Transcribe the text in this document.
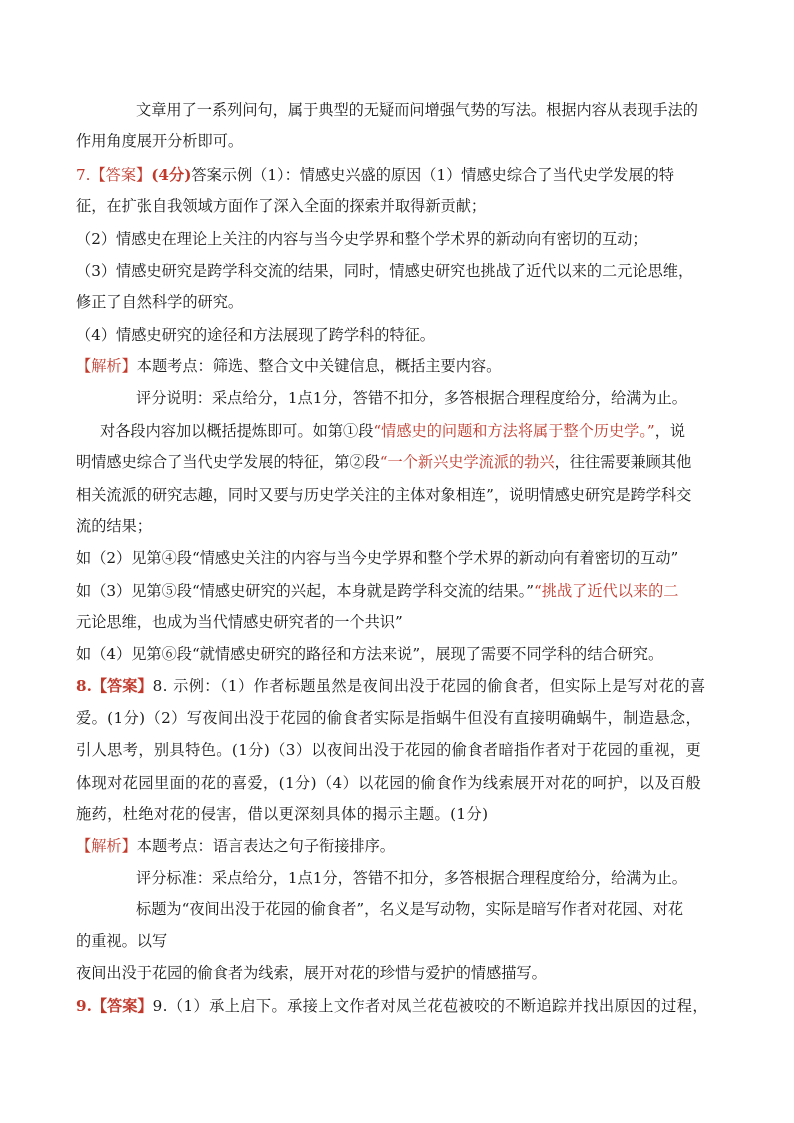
文章用了一系列问句，属于典型的无疑而问增强气势的写法。根据内容从表现手法的
作用角度展开分析即可。
7.【答案】(4分)答案示例（1）：情感史兴盛的原因（1）情感史综合了当代史学发展的特
征，在扩张自我领域方面作了深入全面的探索并取得新贡献；
（2）情感史在理论上关注的内容与当今史学界和整个学术界的新动向有密切的互动；
（3）情感史研究是跨学科交流的结果，同时，情感史研究也挑战了近代以来的二元论思维，
修正了自然科学的研究。
（4）情感史研究的途径和方法展现了跨学科的特征。
【解析】本题考点：筛选、整合文中关键信息，概括主要内容。
评分说明：采点给分，1点1分，答错不扣分，多答根据合理程度给分，给满为止。
对各段内容加以概括提炼即可。如第①段“情感史的问题和方法将属于整个历史学。”，说
明情感史综合了当代史学发展的特征，第②段“一个新兴史学流派的勃兴，往往需要兼顾其他
相关流派的研究志趣，同时又要与历史学关注的主体对象相连”，说明情感史研究是跨学科交
流的结果；
如（2）见第④段“情感史关注的内容与当今史学界和整个学术界的新动向有着密切的互动”
如（3）见第⑤段“情感史研究的兴起，本身就是跨学科交流的结果。”“挑战了近代以来的二
元论思维，也成为当代情感史研究者的一个共识”
如（4）见第⑥段“就情感史研究的路径和方法来说”，展现了需要不同学科的结合研究。
8.【答案】8. 示例：（1）作者标题虽然是夜间出没于花园的偷食者，但实际上是写对花的喜
爱。(1分)（2）写夜间出没于花园的偷食者实际是指蜗牛但没有直接明确蜗牛，制造悬念，
引人思考，别具特色。(1分)（3）以夜间出没于花园的偷食者暗指作者对于花园的重视，更
体现对花园里面的花的喜爱，(1分)（4）以花园的偷食作为线索展开对花的呵护，以及百般
施药，杜绝对花的侵害，借以更深刻具体的揭示主题。(1分)
【解析】本题考点：语言表达之句子衔接排序。
评分标准：采点给分，1点1分，答错不扣分，多答根据合理程度给分，给满为止。
标题为“夜间出没于花园的偷食者”，名义是写动物，实际是暗写作者对花园、对花
的重视。以写
夜间出没于花园的偷食者为线索，展开对花的珍惜与爱护的情感描写。
9.【答案】9.（1）承上启下。承接上文作者对凤兰花苞被咬的不断追踪并找出原因的过程，
